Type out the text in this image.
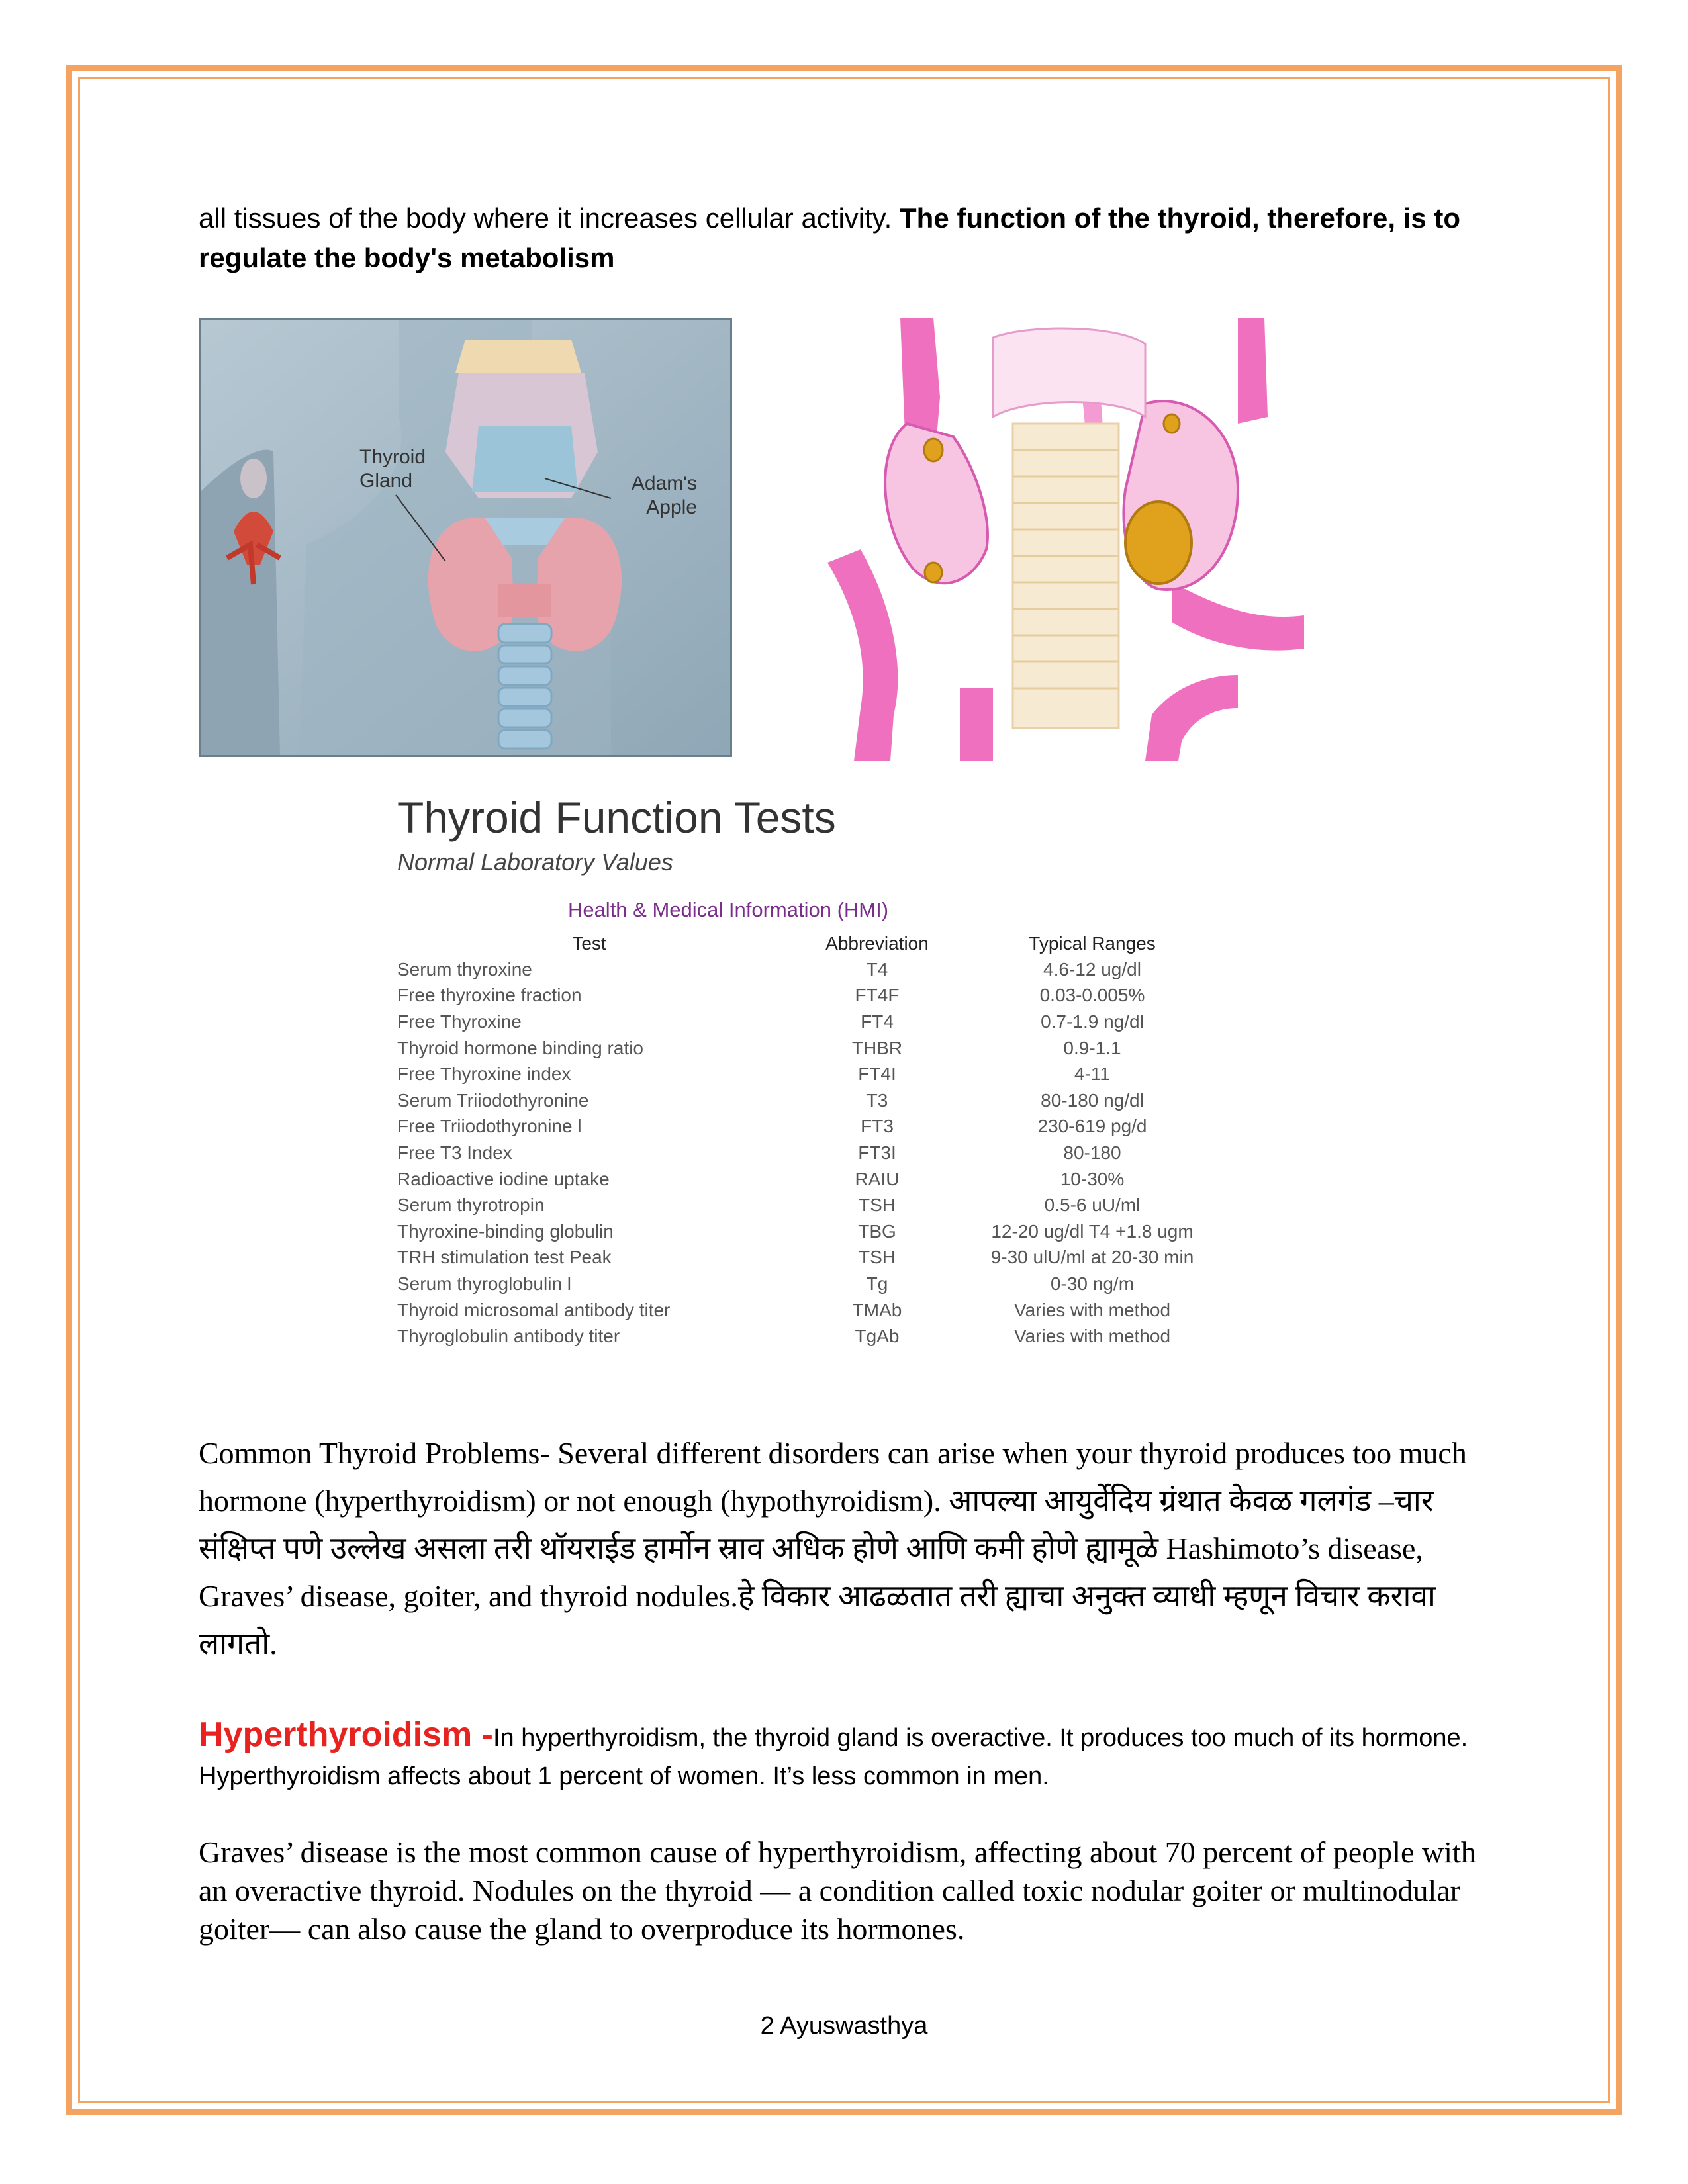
all tissues of the body where it increases cellular activity. The function of the thyroid, therefore, is to regulate the body's metabolism

Thyroid Gland	Adam's Apple
Thyroid Function Tests
Normal Laboratory Values
Health & Medical Information (HMI)
Test	Abbreviation	Typical Ranges
Serum thyroxine	T4	4.6-12 ug/dl
Free thyroxine fraction	FT4F	0.03-0.005%
Free Thyroxine	FT4	0.7-1.9 ng/dl
Thyroid hormone binding ratio	THBR	0.9-1.1
Free Thyroxine index	FT4I	4-11
Serum Triiodothyronine	T3	80-180 ng/dl
Free Triiodothyronine l	FT3	230-619 pg/d
Free T3 Index	FT3I	80-180
Radioactive iodine uptake	RAIU	10-30%
Serum thyrotropin	TSH	0.5-6 uU/ml
Thyroxine-binding globulin	TBG	12-20 ug/dl T4 +1.8 ugm
TRH stimulation test Peak	TSH	9-30 ulU/ml at 20-30 min
Serum thyroglobulin l	Tg	0-30 ng/m
Thyroid microsomal antibody titer	TMAb	Varies with method
Thyroglobulin antibody titer	TgAb	Varies with method

Common Thyroid Problems- Several different disorders can arise when your thyroid produces too much hormone (hyperthyroidism) or not enough (hypothyroidism). आपल्या आयुर्वेदिय ग्रंथात केवळ गलगंड –चार संक्षिप्त पणे उल्लेख असला तरी थॉयराईड हार्मोन स्राव अधिक होणे आणि कमी होणे ह्यामूळे Hashimoto’s disease, Graves’ disease, goiter, and thyroid nodules.हे विकार आढळतात तरी ह्याचा अनुक्त व्याधी म्हणून विचार करावा लागतो.

Hyperthyroidism -In hyperthyroidism, the thyroid gland is overactive. It produces too much of its hormone. Hyperthyroidism affects about 1 percent of women. It’s less common in men.

Graves’ disease is the most common cause of hyperthyroidism, affecting about 70 percent of people with an overactive thyroid. Nodules on the thyroid — a condition called toxic nodular goiter or multinodular goiter— can also cause the gland to overproduce its hormones.

2 Ayuswasthya
